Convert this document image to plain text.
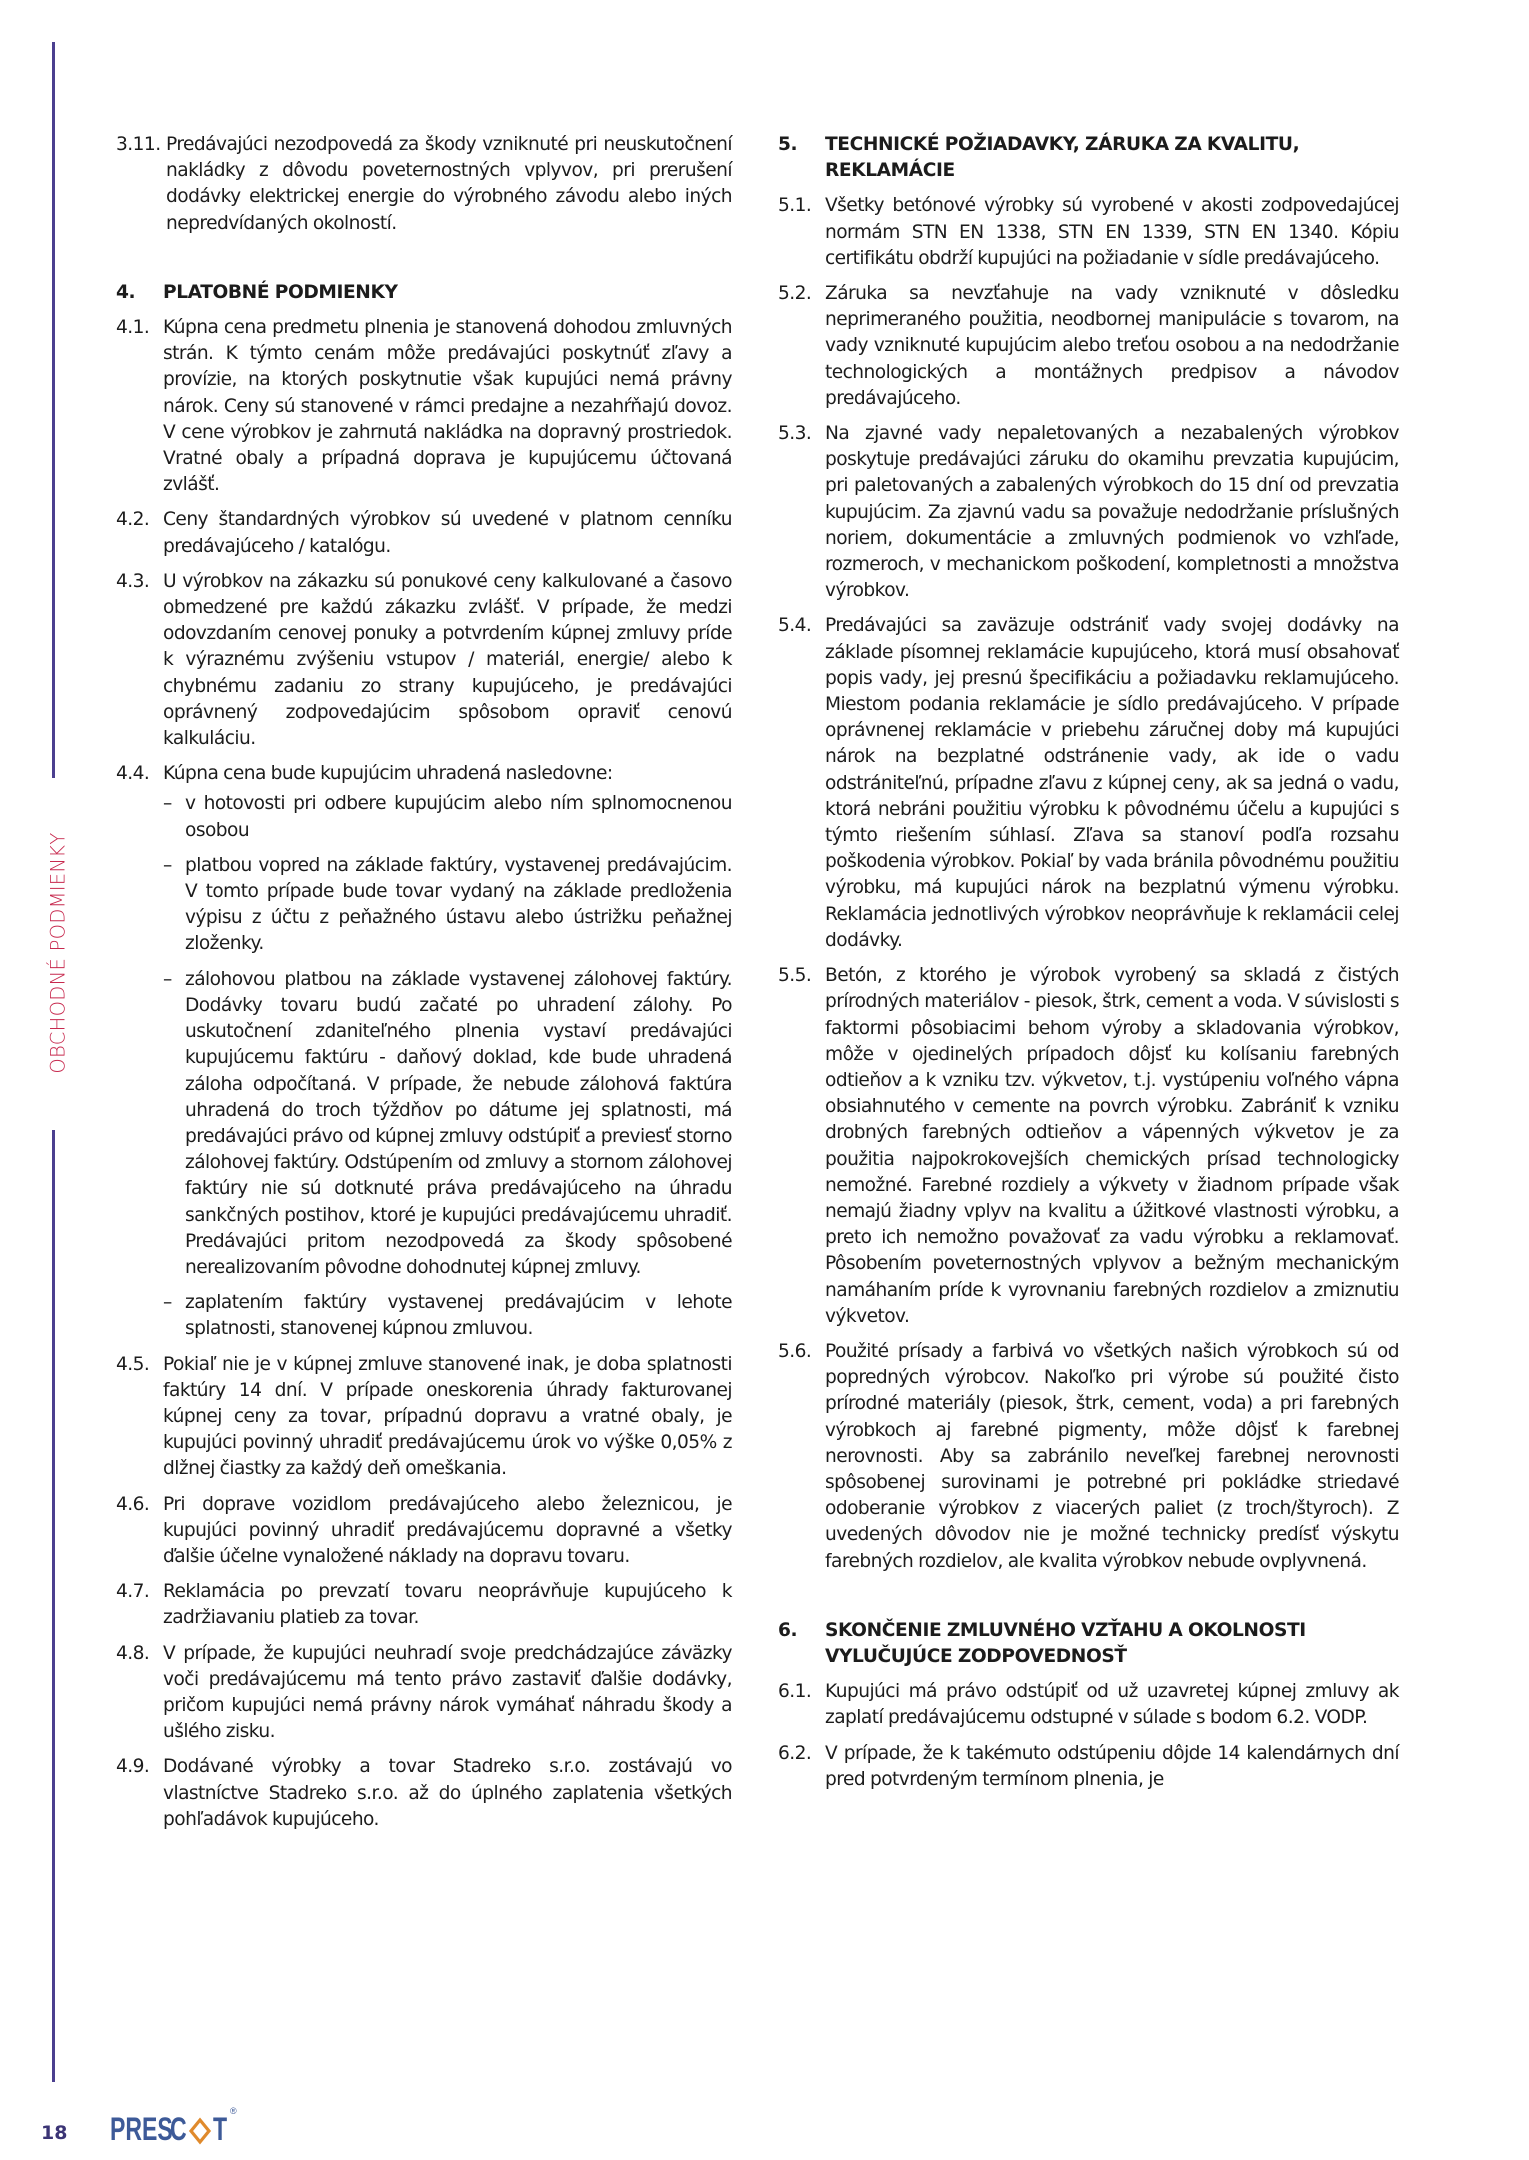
OBCHODNÉ PODMIENKY
18 PRES
C T ®
3.11. Predávajúci nezodpovedá za škody vzniknuté pri neuskutočnení nakládky z dôvodu poveternostných vplyvov, pri prerušení dodávky elektrickej energie do výrobného závodu alebo iných nepredvídaných okolností.
4. PLATOBNÉ PODMIENKY
4.1. Kúpna cena predmetu plnenia je stanovená dohodou zmluvných strán. K týmto cenám môže predávajúci poskytnúť zľavy a provízie, na ktorých poskytnutie však kupujúci nemá právny nárok. Ceny sú stanovené v rámci predajne a nezahŕňajú dovoz. V cene výrobkov je zahrnutá nakládka na dopravný prostriedok. Vratné obaly a prípadná doprava je kupujúcemu účtovaná zvlášť.
4.2. Ceny štandardných výrobkov sú uvedené v platnom cenníku predávajúceho / katalógu.
4.3. U výrobkov na zákazku sú ponukové ceny kalkulované a časovo obmedzené pre každú zákazku zvlášť. V prípade, že medzi odovzdaním cenovej ponuky a potvrdením kúpnej zmluvy príde k výraznému zvýšeniu vstupov / materiál, energie/ alebo k chybnému zadaniu zo strany kupujúceho, je predávajúci oprávnený zodpovedajúcim spôsobom opraviť cenovú kalkuláciu.
4.4. Kúpna cena bude kupujúcim uhradená nasledovne:
– v hotovosti pri odbere kupujúcim alebo ním splnomocnenou osobou
– platbou vopred na základe faktúry, vystavenej predávajúcim. V tomto prípade bude tovar vydaný na základe predloženia výpisu z účtu z peňažného ústavu alebo ústrižku peňažnej zloženky.
– zálohovou platbou na základe vystavenej zálohovej faktúry. Dodávky tovaru budú začaté po uhradení zálohy. Po uskutočnení zdaniteľného plnenia vystaví predávajúci kupujúcemu faktúru - daňový doklad, kde bude uhradená záloha odpočítaná. V prípade, že nebude zálohová faktúra uhradená do troch týždňov po dátume jej splatnosti, má predávajúci právo od kúpnej zmluvy odstúpiť a previesť storno zálohovej faktúry. Odstúpením od zmluvy a stornom zálohovej faktúry nie sú dotknuté práva predávajúceho na úhradu sankčných postihov, ktoré je kupujúci predávajúcemu uhradiť. Predávajúci pritom nezodpovedá za škody spôsobené nerealizovaním pôvodne dohodnutej kúpnej zmluvy.
– zaplatením faktúry vystavenej predávajúcim v lehote splatnosti, stanovenej kúpnou zmluvou.
4.5. Pokiaľ nie je v kúpnej zmluve stanovené inak, je doba splatnosti faktúry 14 dní. V prípade oneskorenia úhrady fakturovanej kúpnej ceny za tovar, prípadnú dopravu a vratné obaly, je kupujúci povinný uhradiť predávajúcemu úrok vo výške 0,05% z dlžnej čiastky za každý deň omeškania.
4.6. Pri doprave vozidlom predávajúceho alebo železnicou, je kupujúci povinný uhradiť predávajúcemu dopravné a všetky ďalšie účelne vynaložené náklady na dopravu tovaru.
4.7. Reklamácia po prevzatí tovaru neoprávňuje kupujúceho k zadržiavaniu platieb za tovar.
4.8. V prípade, že kupujúci neuhradí svoje predchádzajúce záväzky voči predávajúcemu má tento právo zastaviť ďalšie dodávky, pričom kupujúci nemá právny nárok vymáhať náhradu škody a ušlého zisku.
4.9. Dodávané výrobky a tovar Stadreko s.r.o. zostávajú vo vlastníctve Stadreko s.r.o. až do úplného zaplatenia všetkých pohľadávok kupujúceho.
5. TECHNICKÉ POŽIADAVKY, ZÁRUKA ZA KVALITU, REKLAMÁCIE
5.1. Všetky betónové výrobky sú vyrobené v akosti zodpovedajúcej normám STN EN 1338, STN EN 1339, STN EN 1340. Kópiu certifikátu obdrží kupujúci na požiadanie v sídle predávajúceho.
5.2. Záruka sa nevzťahuje na vady vzniknuté v dôsledku neprimeraného použitia, neodbornej manipulácie s tovarom, na vady vzniknuté kupujúcim alebo treťou osobou a na nedodržanie technologických a montážnych predpisov a návodov predávajúceho.
5.3. Na zjavné vady nepaletovaných a nezabalených výrobkov poskytuje predávajúci záruku do okamihu prevzatia kupujúcim, pri paletovaných a zabalených výrobkoch do 15 dní od prevzatia kupujúcim. Za zjavnú vadu sa považuje nedodržanie príslušných noriem, dokumentácie a zmluvných podmienok vo vzhľade, rozmeroch, v mechanickom poškodení, kompletnosti a množstva výrobkov.
5.4. Predávajúci sa zaväzuje odstrániť vady svojej dodávky na základe písomnej reklamácie kupujúceho, ktorá musí obsahovať popis vady, jej presnú špecifikáciu a požiadavku reklamujúceho. Miestom podania reklamácie je sídlo predávajúceho. V prípade oprávnenej reklamácie v priebehu záručnej doby má kupujúci nárok na bezplatné odstránenie vady, ak ide o vadu odstrániteľnú, prípadne zľavu z kúpnej ceny, ak sa jedná o vadu, ktorá nebráni použitiu výrobku k pôvodnému účelu a kupujúci s týmto riešením súhlasí. Zľava sa stanoví podľa rozsahu poškodenia výrobkov. Pokiaľ by vada bránila pôvodnému použitiu výrobku, má kupujúci nárok na bezplatnú výmenu výrobku. Reklamácia jednotlivých výrobkov neoprávňuje k reklamácii celej dodávky.
5.5. Betón, z ktorého je výrobok vyrobený sa skladá z čistých prírodných materiálov - piesok, štrk, cement a voda. V súvislosti s faktormi pôsobiacimi behom výroby a skladovania výrobkov, môže v ojedinelých prípadoch dôjsť ku kolísaniu farebných odtieňov a k vzniku tzv. výkvetov, t.j. vystúpeniu voľného vápna obsiahnutého v cemente na povrch výrobku. Zabrániť k vzniku drobných farebných odtieňov a vápenných výkvetov je za použitia najpokrokovejších chemických prísad technologicky nemožné. Farebné rozdiely a výkvety v žiadnom prípade však nemajú žiadny vplyv na kvalitu a úžitkové vlastnosti výrobku, a preto ich nemožno považovať za vadu výrobku a reklamovať. Pôsobením poveternostných vplyvov a bežným mechanickým namáhaním príde k vyrovnaniu farebných rozdielov a zmiznutiu výkvetov.
5.6. Použité prísady a farbivá vo všetkých našich výrobkoch sú od popredných výrobcov. Nakoľko pri výrobe sú použité čisto prírodné materiály (piesok, štrk, cement, voda) a pri farebných výrobkoch aj farebné pigmenty, môže dôjsť k farebnej nerovnosti. Aby sa zabránilo neveľkej farebnej nerovnosti spôsobenej surovinami je potrebné pri pokládke striedavé odoberanie výrobkov z viacerých paliet (z troch/štyroch). Z uvedených dôvodov nie je možné technicky predísť výskytu farebných rozdielov, ale kvalita výrobkov nebude ovplyvnená.
6. SKONČENIE ZMLUVNÉHO VZŤAHU A OKOLNOSTI VYLUČUJÚCE ZODPOVEDNOSŤ
6.1. Kupujúci má právo odstúpiť od už uzavretej kúpnej zmluvy ak zaplatí predávajúcemu odstupné v súlade s bodom 6.2. VODP.
6.2. V prípade, že k takémuto odstúpeniu dôjde 14 kalendárnych dní pred potvrdeným termínom plnenia, je
